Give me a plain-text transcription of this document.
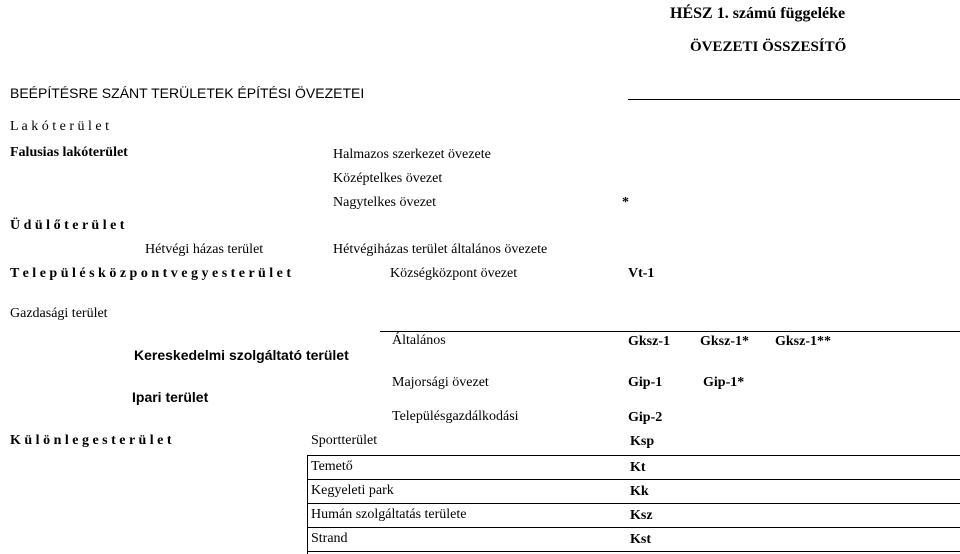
HÉSZ 1. számú függeléke
ÖVEZETI ÖSSZESÍTŐ
BEÉPÍTÉSRE SZÁNT TERÜLETEK ÉPÍTÉSI ÖVEZETEI
L a k ó t e r ü l e t
Falusias lakóterület	Halmazos szerkezet övezete
Középtelkes övezet
Nagytelkes övezet	*
Ü d ü l ő t e r ü l e t
Hétvégi házas terület	Hétvégiházas terület általános övezete
T e l e p ü l é s k ö z p o n t v e g y e s t e r ü l e t	Községközpont övezet	Vt-1
Gazdasági terület
Általános	Gksz-1 Gksz-1* Gksz-1**
Kereskedelmi szolgáltató terület
Majorsági övezet	Gip-1	Gip-1*
Ipari terület
Településgazdálkodási	Gip-2
K ü l ö n l e g e s t e r ü l e t	Sportterület	Ksp
Temető	Kt
Kegyeleti park	Kk
Humán szolgáltatás területe	Ksz
Strand	Kst
